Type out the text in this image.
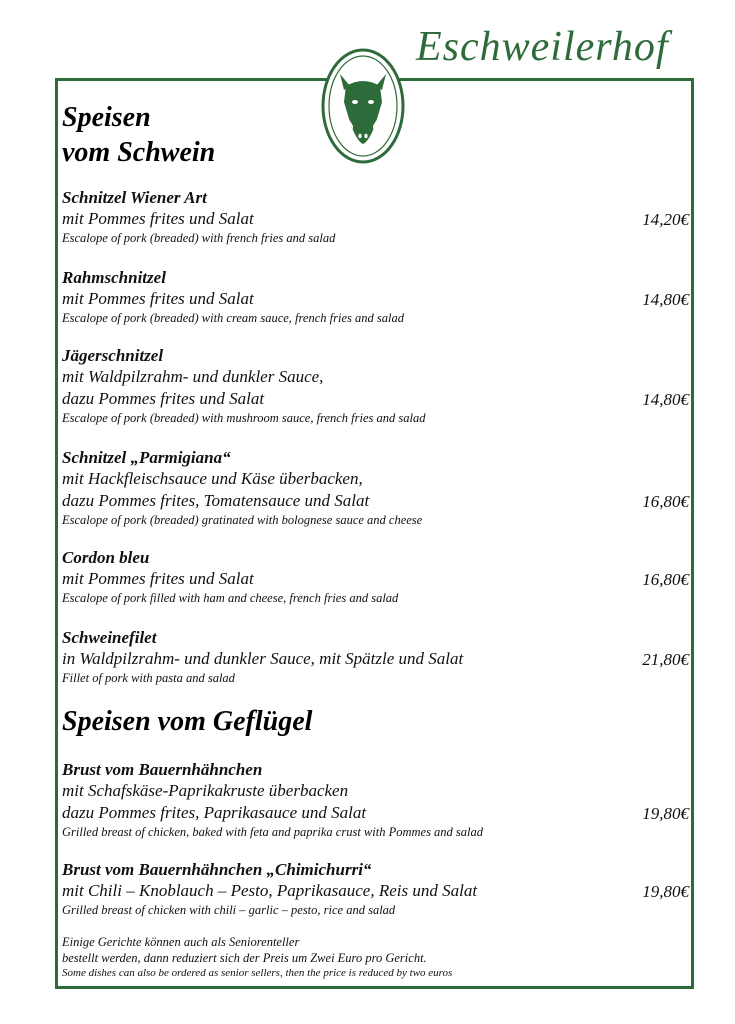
Eschweilerhof
Speisen
vom Schwein
Schnitzel Wiener Art
mit Pommes frites und Salat
Escalope of pork (breaded) with french fries and salad
14,20€
Rahmschnitzel
mit Pommes frites und Salat
Escalope of pork (breaded) with cream sauce, french fries and salad
14,80€
Jägerschnitzel
mit Waldpilzrahm- und dunkler Sauce,
dazu Pommes frites und Salat
Escalope of pork (breaded) with mushroom sauce, french fries and salad
14,80€
Schnitzel „Parmigiana“
mit Hackfleischsauce und Käse überbacken,
dazu Pommes frites, Tomatensauce und Salat
Escalope of pork (breaded) gratinated with bolognese sauce and cheese
16,80€
Cordon bleu
mit Pommes frites und Salat
Escalope of pork filled with ham and cheese, french fries and salad
16,80€
Schweinefilet
in Waldpilzrahm- und dunkler Sauce, mit Spätzle und Salat
Fillet of pork with pasta and salad
21,80€
Speisen vom Geflügel
Brust vom Bauernhähnchen
mit Schafskäse-Paprikakruste überbacken
dazu Pommes frites, Paprikasauce und Salat
Grilled breast of chicken, baked with feta and paprika crust with Pommes and salad
19,80€
Brust vom Bauernhähnchen „Chimichurri“
mit Chili – Knoblauch – Pesto, Paprikasauce, Reis und Salat
Grilled breast of chicken with chili – garlic – pesto, rice and salad
19,80€
Einige Gerichte können auch als Seniorenteller
bestellt werden, dann reduziert sich der Preis um Zwei Euro pro Gericht.
Some dishes can also be ordered as senior sellers, then the price is reduced by two euros
